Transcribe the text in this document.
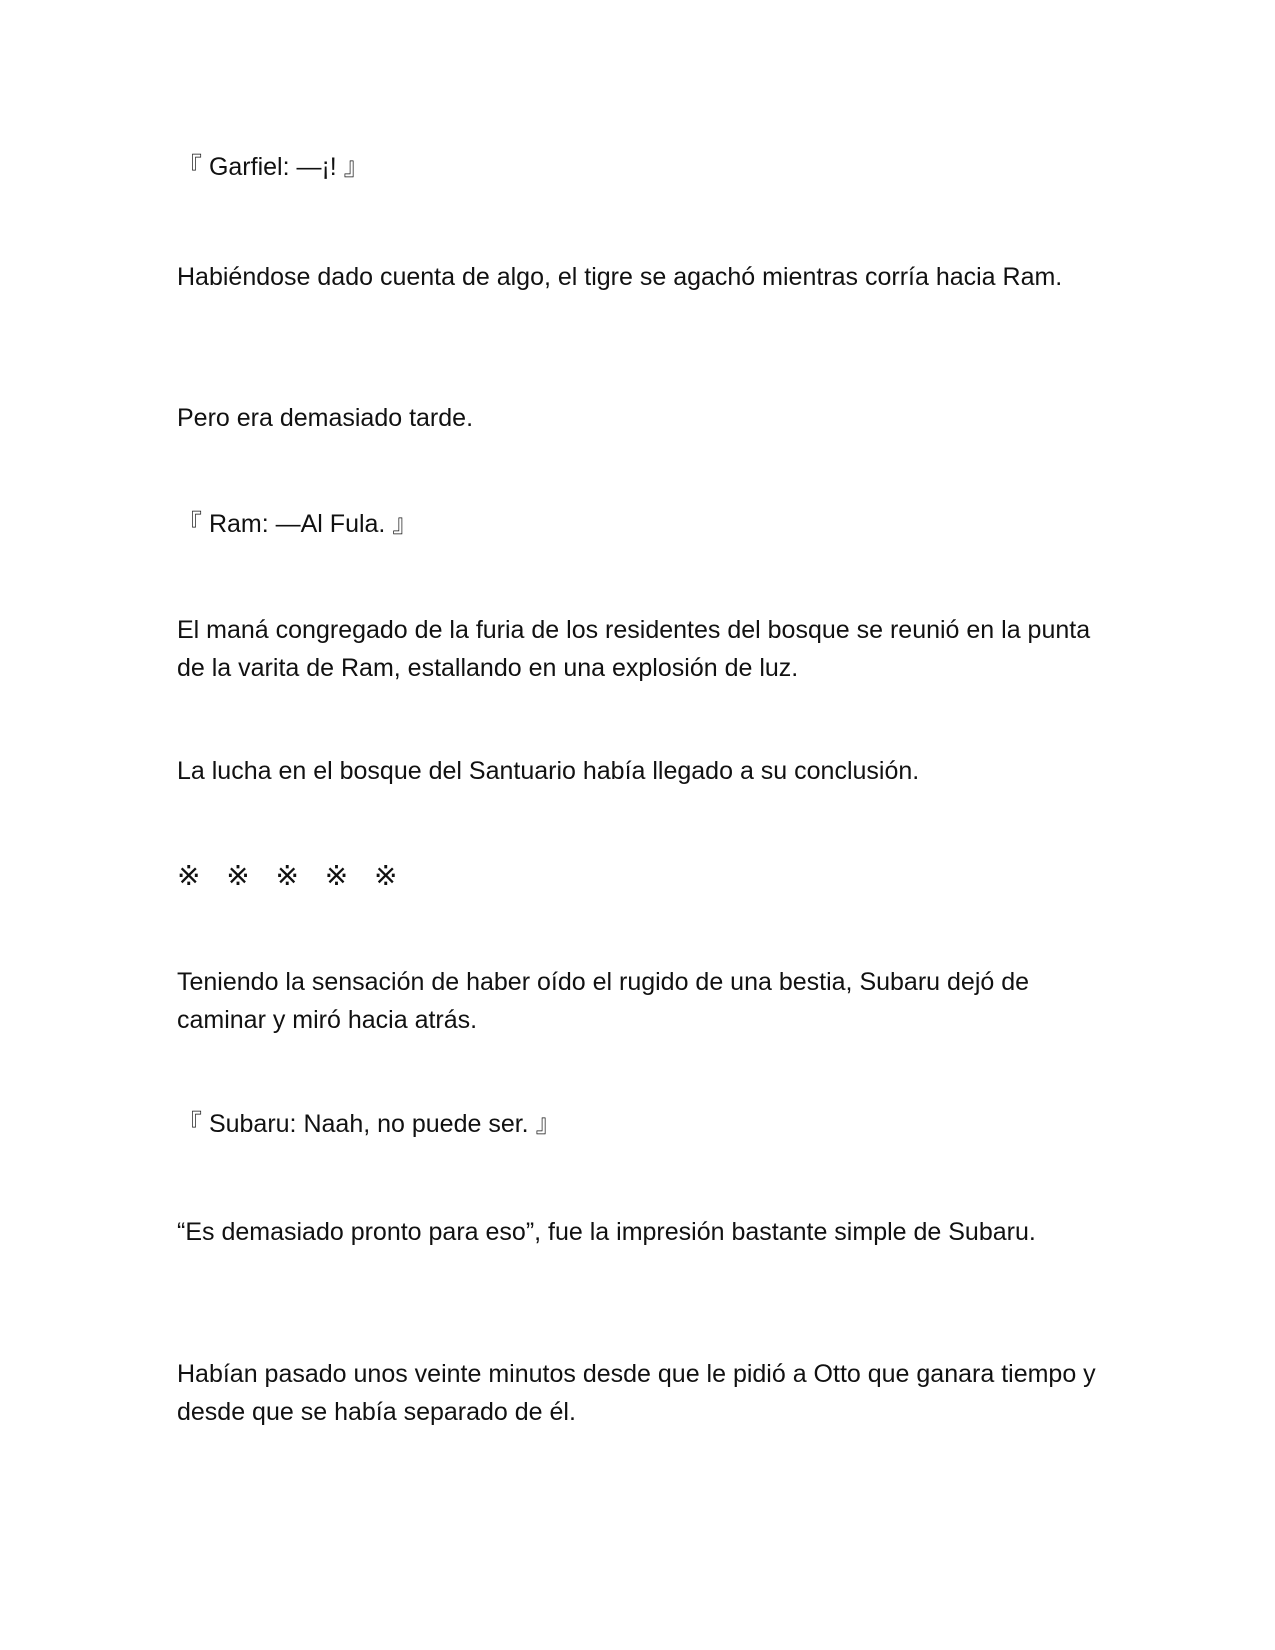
『 Garfiel: —¡! 』

Habiéndose dado cuenta de algo, el tigre se agachó mientras corría hacia Ram.

Pero era demasiado tarde.

『 Ram: —Al Fula. 』

El maná congregado de la furia de los residentes del bosque se reunió en la punta de la varita de Ram, estallando en una explosión de luz.

La lucha en el bosque del Santuario había llegado a su conclusión.

※ ※ ※ ※ ※

Teniendo la sensación de haber oído el rugido de una bestia, Subaru dejó de caminar y miró hacia atrás.

『 Subaru: Naah, no puede ser. 』

“Es demasiado pronto para eso”, fue la impresión bastante simple de Subaru.

Habían pasado unos veinte minutos desde que le pidió a Otto que ganara tiempo y desde que se había separado de él.
